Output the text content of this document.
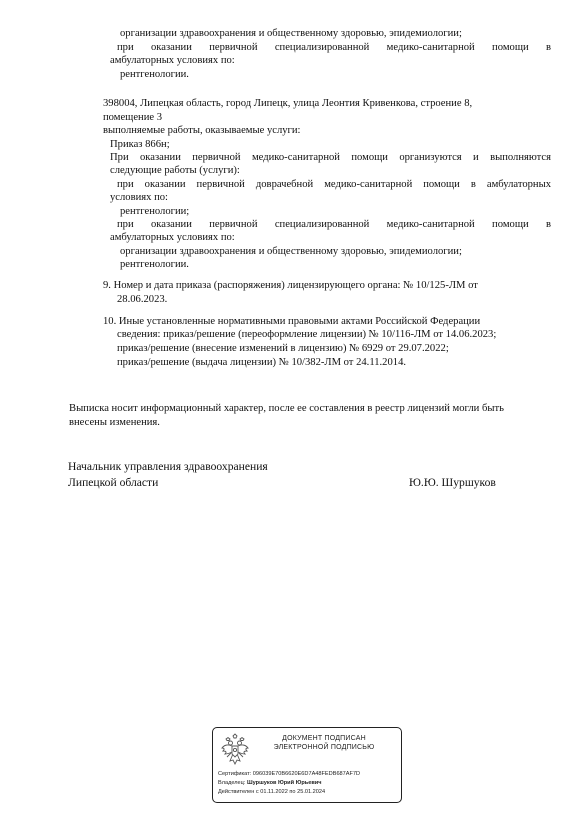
организации здравоохранения и общественному здоровью, эпидемиологии;
при оказании первичной специализированной медико-санитарной помощи в
амбулаторных условиях по:
рентгенологии.
398004, Липецкая область, город Липецк, улица Леонтия Кривенкова, строение 8,
помещение 3
выполняемые работы, оказываемые услуги:
Приказ 866н;
При оказании первичной медико-санитарной помощи организуются и выполняются
следующие работы (услуги):
при оказании первичной доврачебной медико-санитарной помощи в амбулаторных
условиях по:
рентгенологии;
при оказании первичной специализированной медико-санитарной помощи в
амбулаторных условиях по:
организации здравоохранения и общественному здоровью, эпидемиологии;
рентгенологии.
9. Номер и дата приказа (распоряжения) лицензирующего органа: № 10/125-ЛМ от
28.06.2023.
10. Иные установленные нормативными правовыми актами Российской Федерации
сведения: приказ/решение (переоформление лицензии) № 10/116-ЛМ от 14.06.2023;
приказ/решение (внесение изменений в лицензию) № 6929 от 29.07.2022;
приказ/решение (выдача лицензии) № 10/382-ЛМ от 24.11.2014.
Выписка носит информационный характер, после ее составления в реестр лицензий могли быть
внесены изменения.
Начальник управления здравоохранения
Липецкой области	Ю.Ю. Шуршуков
ДОКУМЕНТ ПОДПИСАН
ЭЛЕКТРОННОЙ ПОДПИСЬЮ
Сертификат: 096039E70B6620E6D7A48FEDB687AF7D
Владелец: Шуршуков Юрий Юрьевич
Действителен с 01.11.2022 по 25.01.2024
